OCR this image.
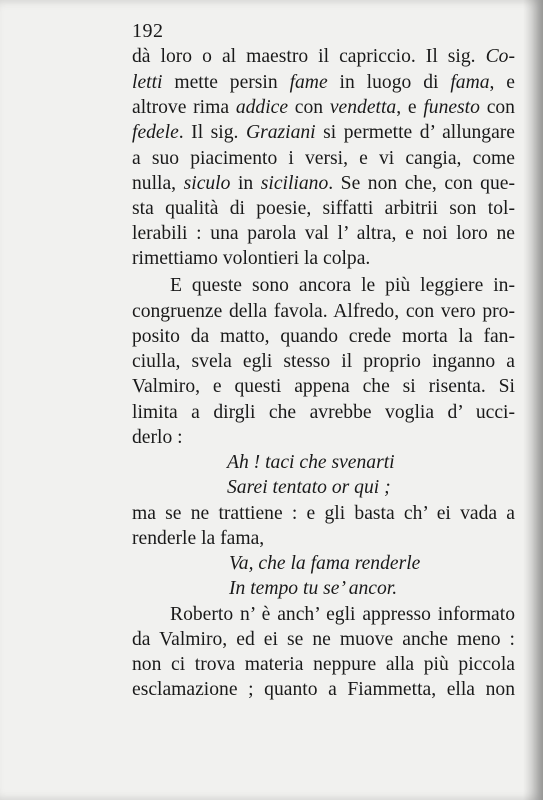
192
dà loro o al maestro il capriccio. Il sig. Co-
letti mette persin fame in luogo di fama, e
altrove rima addice con vendetta, e funesto con
fedele. Il sig. Graziani si permette d’ allungare
a suo piacimento i versi, e vi cangia, come
nulla, siculo in siciliano. Se non che, con que-
sta qualità di poesie, siffatti arbitrii son tol-
lerabili : una parola val l’ altra, e noi loro ne
rimettiamo volontieri la colpa.
E queste sono ancora le più leggiere in-
congruenze della favola. Alfredo, con vero pro-
posito da matto, quando crede morta la fan-
ciulla, svela egli stesso il proprio inganno a
Valmiro, e questi appena che si risenta. Si
limita a dirgli che avrebbe voglia d’ ucci-
derlo :
Ah ! taci che svenarti
Sarei tentato or qui ;
ma se ne trattiene : e gli basta ch’ ei vada a
renderle la fama,
Va, che la fama renderle
In tempo tu se’ ancor.
Roberto n’ è anch’ egli appresso informato
da Valmiro, ed ei se ne muove anche meno :
non ci trova materia neppure alla più piccola
esclamazione ; quanto a Fiammetta, ella non
